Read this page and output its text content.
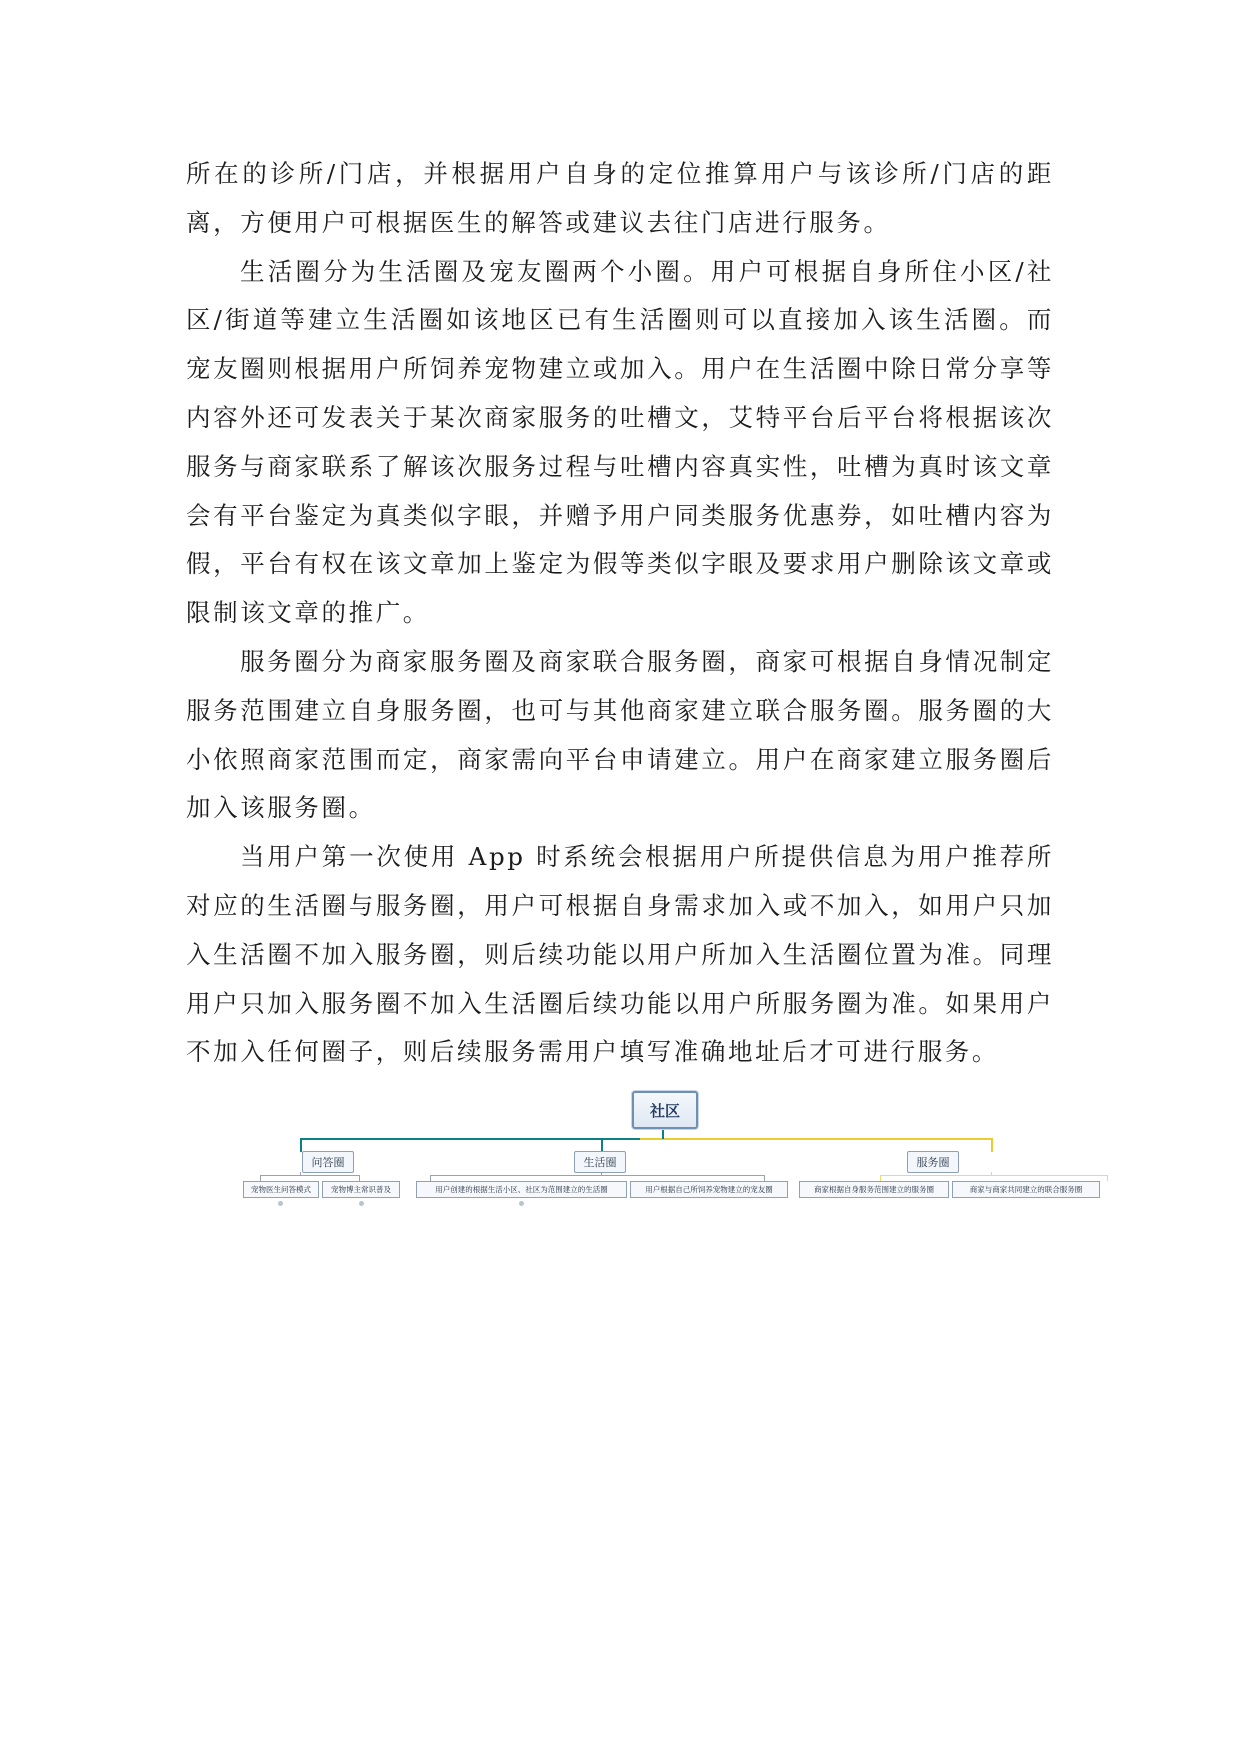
所在的诊所/门店，并根据用户自身的定位推算用户与该诊所/门店的距离，方便用户可根据医生的解答或建议去往门店进行服务。

生活圈分为生活圈及宠友圈两个小圈。用户可根据自身所住小区/社区/街道等建立生活圈如该地区已有生活圈则可以直接加入该生活圈。而宠友圈则根据用户所饲养宠物建立或加入。用户在生活圈中除日常分享等内容外还可发表关于某次商家服务的吐槽文，艾特平台后平台将根据该次服务与商家联系了解该次服务过程与吐槽内容真实性，吐槽为真时该文章会有平台鉴定为真类似字眼，并赠予用户同类服务优惠券，如吐槽内容为假，平台有权在该文章加上鉴定为假等类似字眼及要求用户删除该文章或限制该文章的推广。

服务圈分为商家服务圈及商家联合服务圈，商家可根据自身情况制定服务范围建立自身服务圈，也可与其他商家建立联合服务圈。服务圈的大小依照商家范围而定，商家需向平台申请建立。用户在商家建立服务圈后加入该服务圈。

当用户第一次使用 App 时系统会根据用户所提供信息为用户推荐所对应的生活圈与服务圈，用户可根据自身需求加入或不加入，如用户只加入生活圈不加入服务圈，则后续功能以用户所加入生活圈位置为准。同理用户只加入服务圈不加入生活圈后续功能以用户所服务圈为准。如果用户不加入任何圈子，则后续服务需用户填写准确地址后才可进行服务。

社区
问答圈	生活圈	服务圈
宠物医生问答模式	宠物博主常识普及	用户创建的根据生活小区、社区为范围建立的生活圈	用户根据自己所饲养宠物建立的宠友圈	商家根据自身服务范围建立的服务圈	商家与商家共同建立的联合服务圈
